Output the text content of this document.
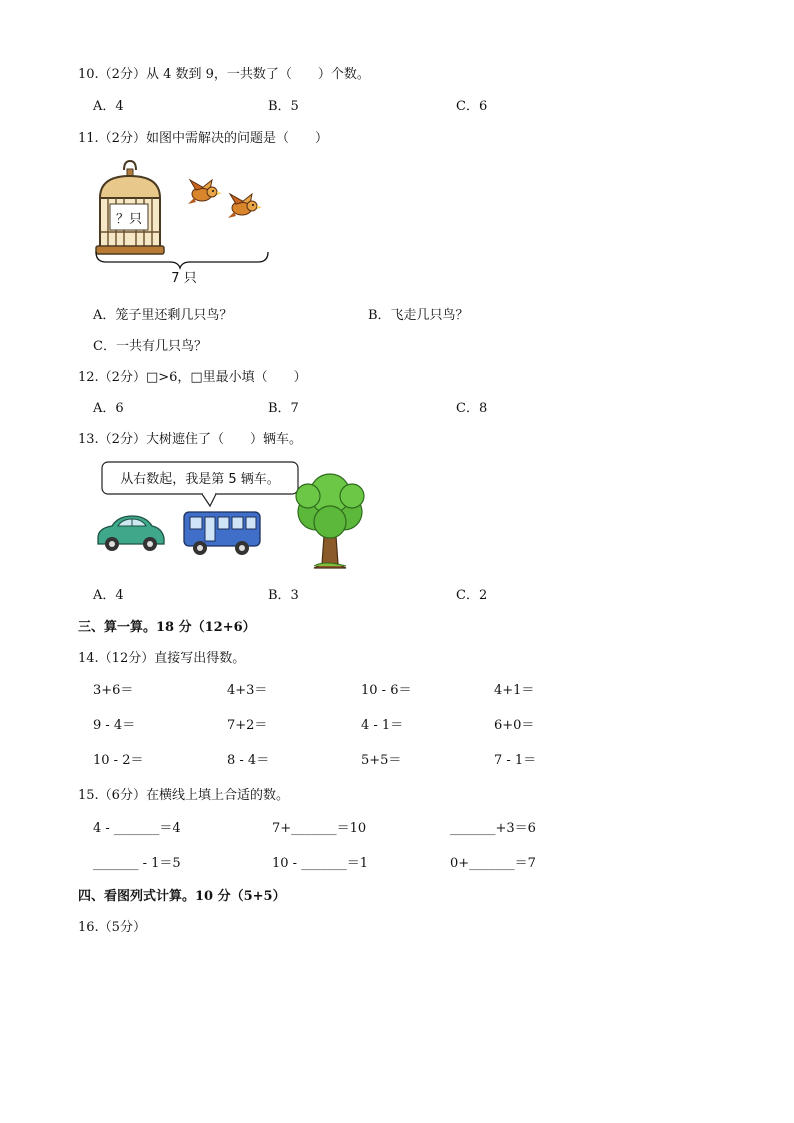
10.（2分）从 4 数到 9，一共数了（　　）个数。
A．4	B．5	C．6
11.（2分）如图中需解决的问题是（　　）
？只
7 只
A．笼子里还剩几只鸟？	B．飞走几只鸟？
C．一共有几只鸟？
12.（2分）□>6，□里最小填（　　）
A．6	B．7	C．8
13.（2分）大树遮住了（　　）辆车。
从右数起，我是第 5 辆车。
A．4	B．3	C．2
三、算一算。18 分（12+6）
14.（12分）直接写出得数。
3+6＝	4+3＝	10 - 6＝	4+1＝
9 - 4＝	7+2＝	4 - 1＝	6+0＝
10 - 2＝	8 - 4＝	5+5＝	7 - 1＝
15.（6分）在横线上填上合适的数。
4 - _______＝4	7+_______＝10	_______+3＝6
_______ - 1＝5	10 - _______＝1	0+_______＝7
四、看图列式计算。10 分（5+5）
16.（5分）
